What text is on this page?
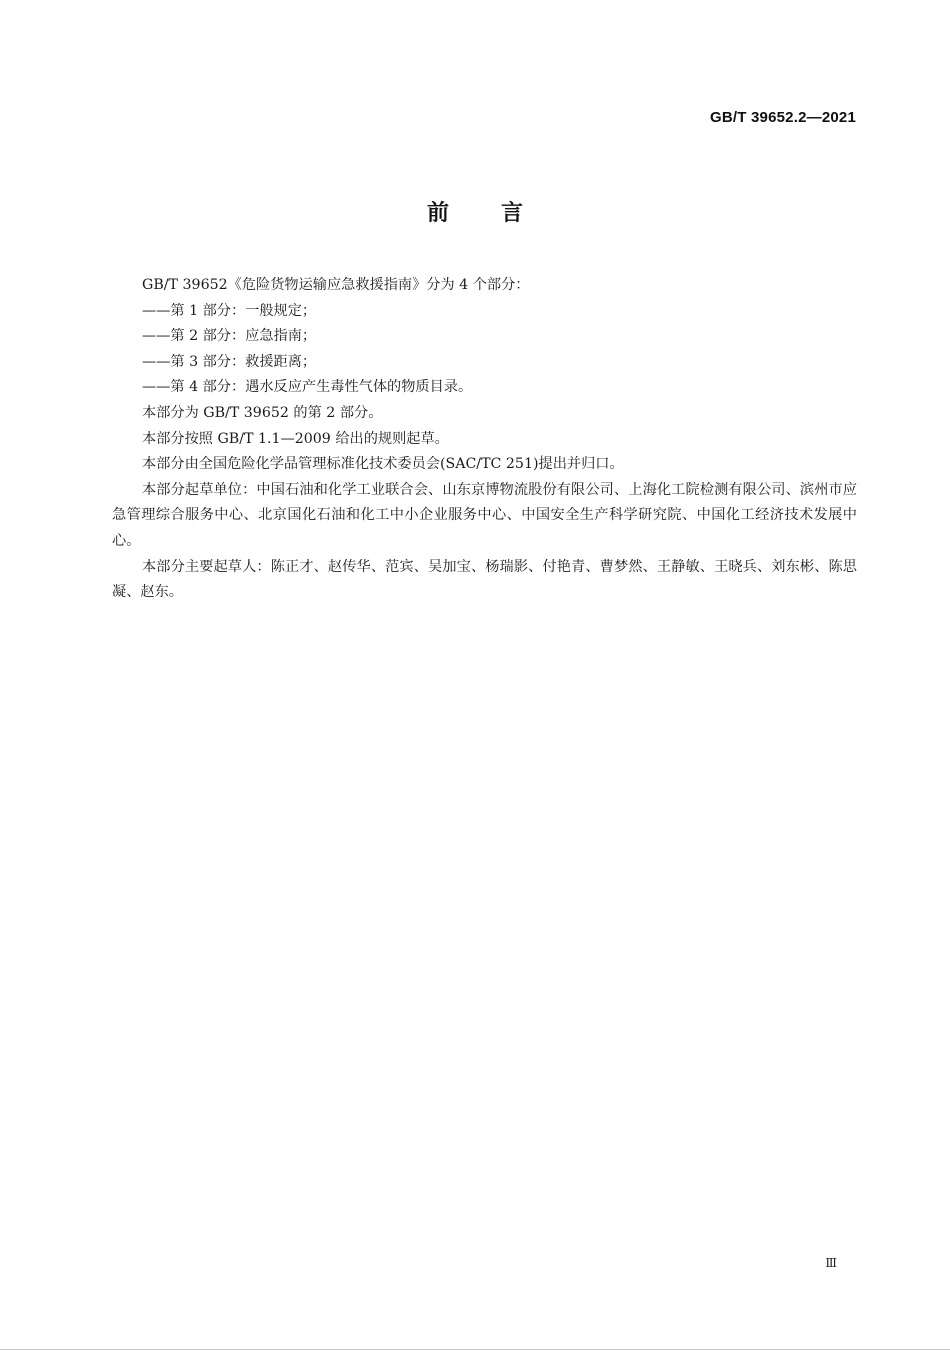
GB/T 39652.2—2021
前言

GB/T 39652《危险货物运输应急救援指南》分为 4 个部分：

——第 1 部分：一般规定；

——第 2 部分：应急指南；

——第 3 部分：救援距离；

——第 4 部分：遇水反应产生毒性气体的物质目录。

本部分为 GB/T 39652 的第 2 部分。

本部分按照 GB/T 1.1—2009 给出的规则起草。

本部分由全国危险化学品管理标准化技术委员会(SAC/TC 251)提出并归口。

本部分起草单位：中国石油和化学工业联合会、山东京博物流股份有限公司、上海化工院检测有限公司、滨州市应急管理综合服务中心、北京国化石油和化工中小企业服务中心、中国安全生产科学研究院、中国化工经济技术发展中心。

本部分主要起草人：陈正才、赵传华、范宾、吴加宝、杨瑞影、付艳青、曹梦然、王静敏、王晓兵、刘东彬、陈思凝、赵东。

Ⅲ
